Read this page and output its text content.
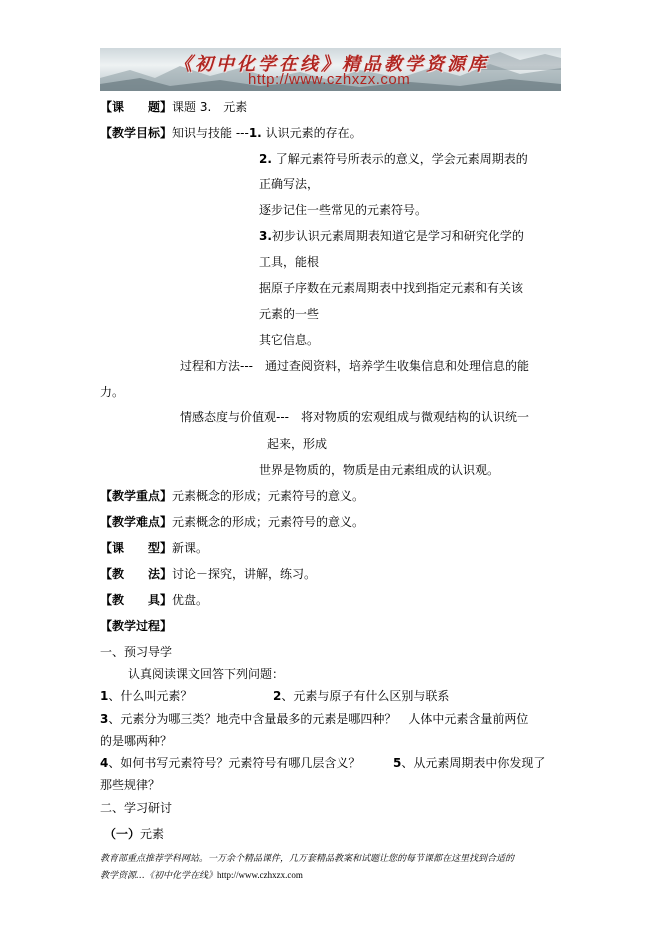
《初中化学在线》精品教学资源库
http://www.czhxzx.com
【课　　题】课题 3.　元素
【教学目标】知识与技能 ---1. 认识元素的存在。
2. 了解元素符号所表示的意义，学会元素周期表的
正确写法，
逐步记住一些常见的元素符号。
3.初步认识元素周期表知道它是学习和研究化学的
工具，能根
据原子序数在元素周期表中找到指定元素和有关该
元素的一些
其它信息。
过程和方法---　通过查阅资料，培养学生收集信息和处理信息的能
力。
情感态度与价值观---　将对物质的宏观组成与微观结构的认识统一
起来，形成
世界是物质的，物质是由元素组成的认识观。
【教学重点】元素概念的形成；元素符号的意义。
【教学难点】元素概念的形成；元素符号的意义。
【课　　型】新课。
【教　　法】讨论－探究，讲解，练习。
【教　　具】优盘。
【教学过程】
一、预习导学
认真阅读课文回答下列问题：
1、什么叫元素？	2、元素与原子有什么区别与联系
3、元素分为哪三类？地壳中含量最多的元素是哪四种？　人体中元素含量前两位
的是哪两种？
4、如何书写元素符号？元素符号有哪几层含义？	5、从元素周期表中你发现了
那些规律？
二、学习研讨
（一）元素
教育部重点推荐学科网站。一万余个精品课件，几万套精品教案和试题让您的每节课都在这里找到合适的
教学资源…《初中化学在线》http://www.czhxzx.com
